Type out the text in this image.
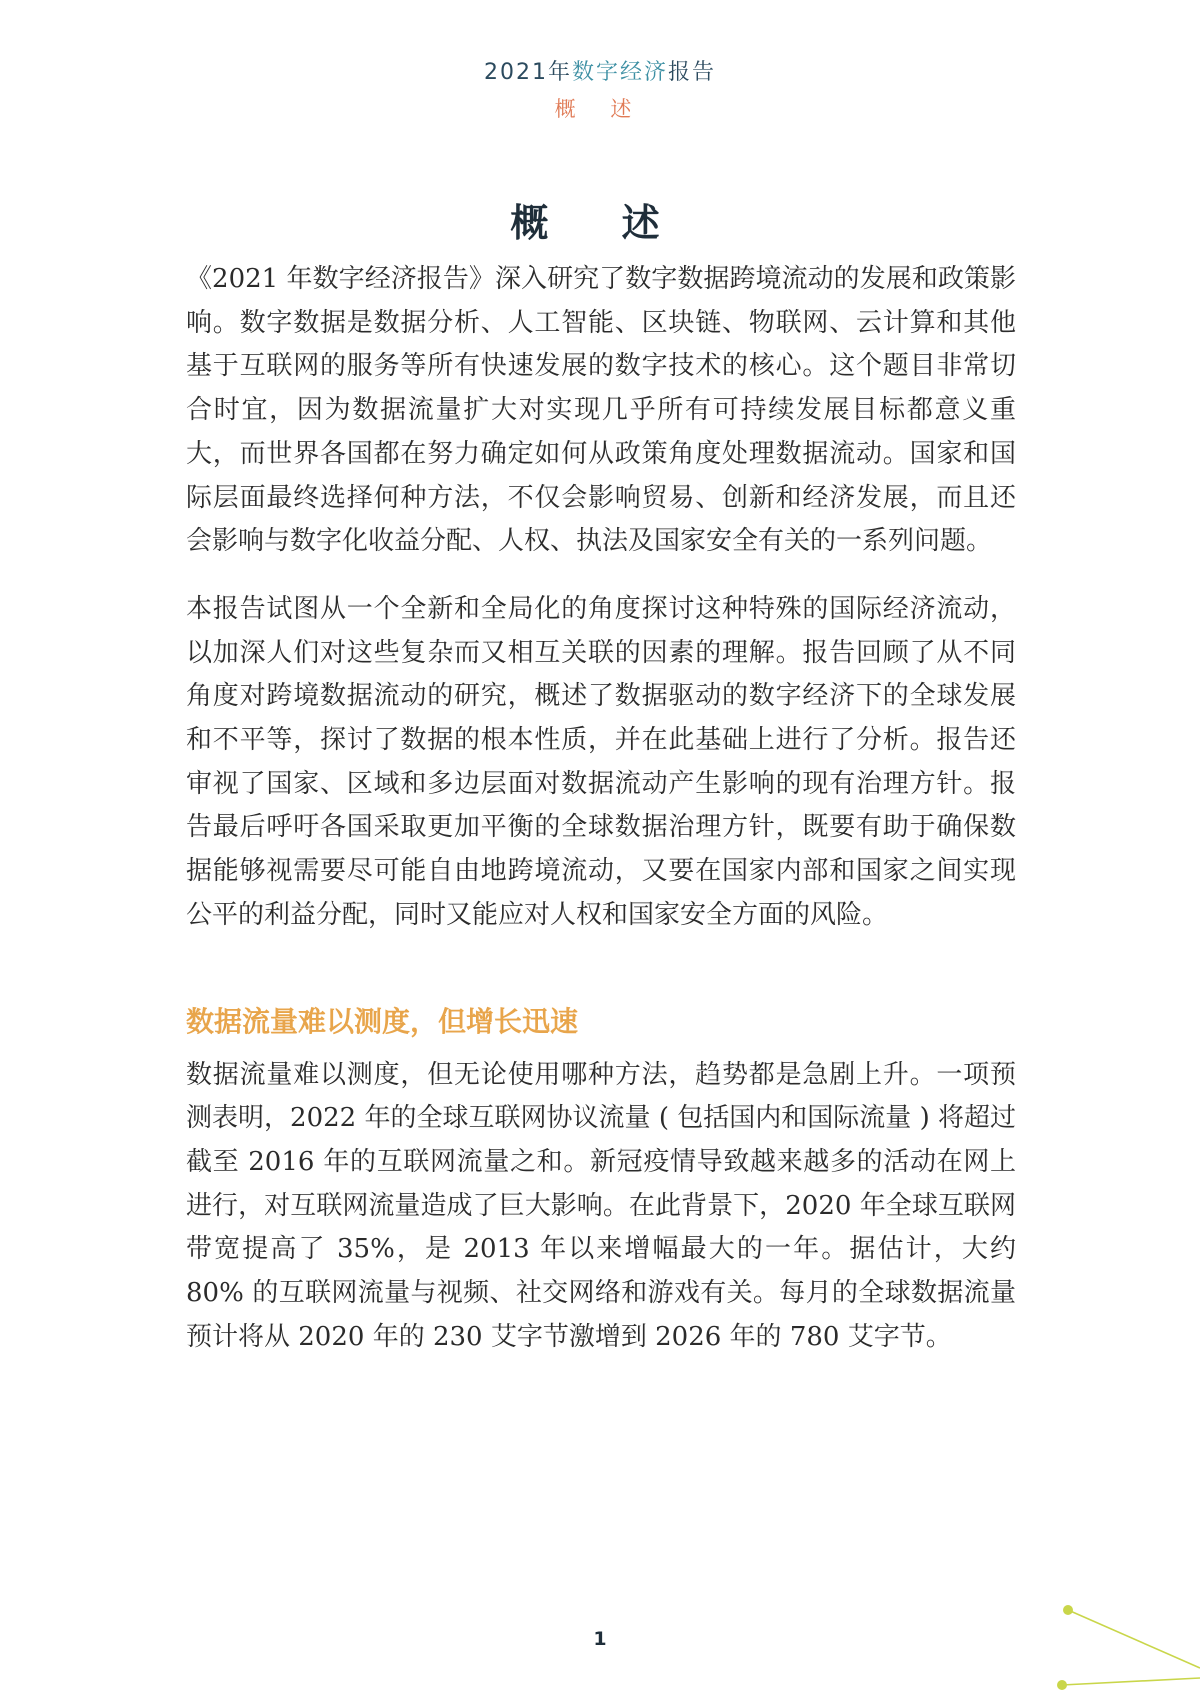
2021年数字经济报告
概 述
概 述

《2021 年数字经济报告》深入研究了数字数据跨境流动的发展和政策影响。数字数据是数据分析、人工智能、区块链、物联网、云计算和其他基于互联网的服务等所有快速发展的数字技术的核心。这个题目非常切合时宜，因为数据流量扩大对实现几乎所有可持续发展目标都意义重大，而世界各国都在努力确定如何从政策角度处理数据流动。国家和国际层面最终选择何种方法，不仅会影响贸易、创新和经济发展，而且还会影响与数字化收益分配、人权、执法及国家安全有关的一系列问题。

本报告试图从一个全新和全局化的角度探讨这种特殊的国际经济流动，以加深人们对这些复杂而又相互关联的因素的理解。报告回顾了从不同角度对跨境数据流动的研究，概述了数据驱动的数字经济下的全球发展和不平等，探讨了数据的根本性质，并在此基础上进行了分析。报告还审视了国家、区域和多边层面对数据流动产生影响的现有治理方针。报告最后呼吁各国采取更加平衡的全球数据治理方针，既要有助于确保数据能够视需要尽可能自由地跨境流动，又要在国家内部和国家之间实现公平的利益分配，同时又能应对人权和国家安全方面的风险。

数据流量难以测度，但增长迅速

数据流量难以测度，但无论使用哪种方法，趋势都是急剧上升。一项预测表明，2022 年的全球互联网协议流量 ( 包括国内和国际流量 ) 将超过截至 2016 年的互联网流量之和。新冠疫情导致越来越多的活动在网上进行，对互联网流量造成了巨大影响。在此背景下，2020 年全球互联网带宽提高了 35%，是 2013 年以来增幅最大的一年。据估计，大约 80% 的互联网流量与视频、社交网络和游戏有关。每月的全球数据流量预计将从 2020 年的 230 艾字节激增到 2026 年的 780 艾字节。

1
